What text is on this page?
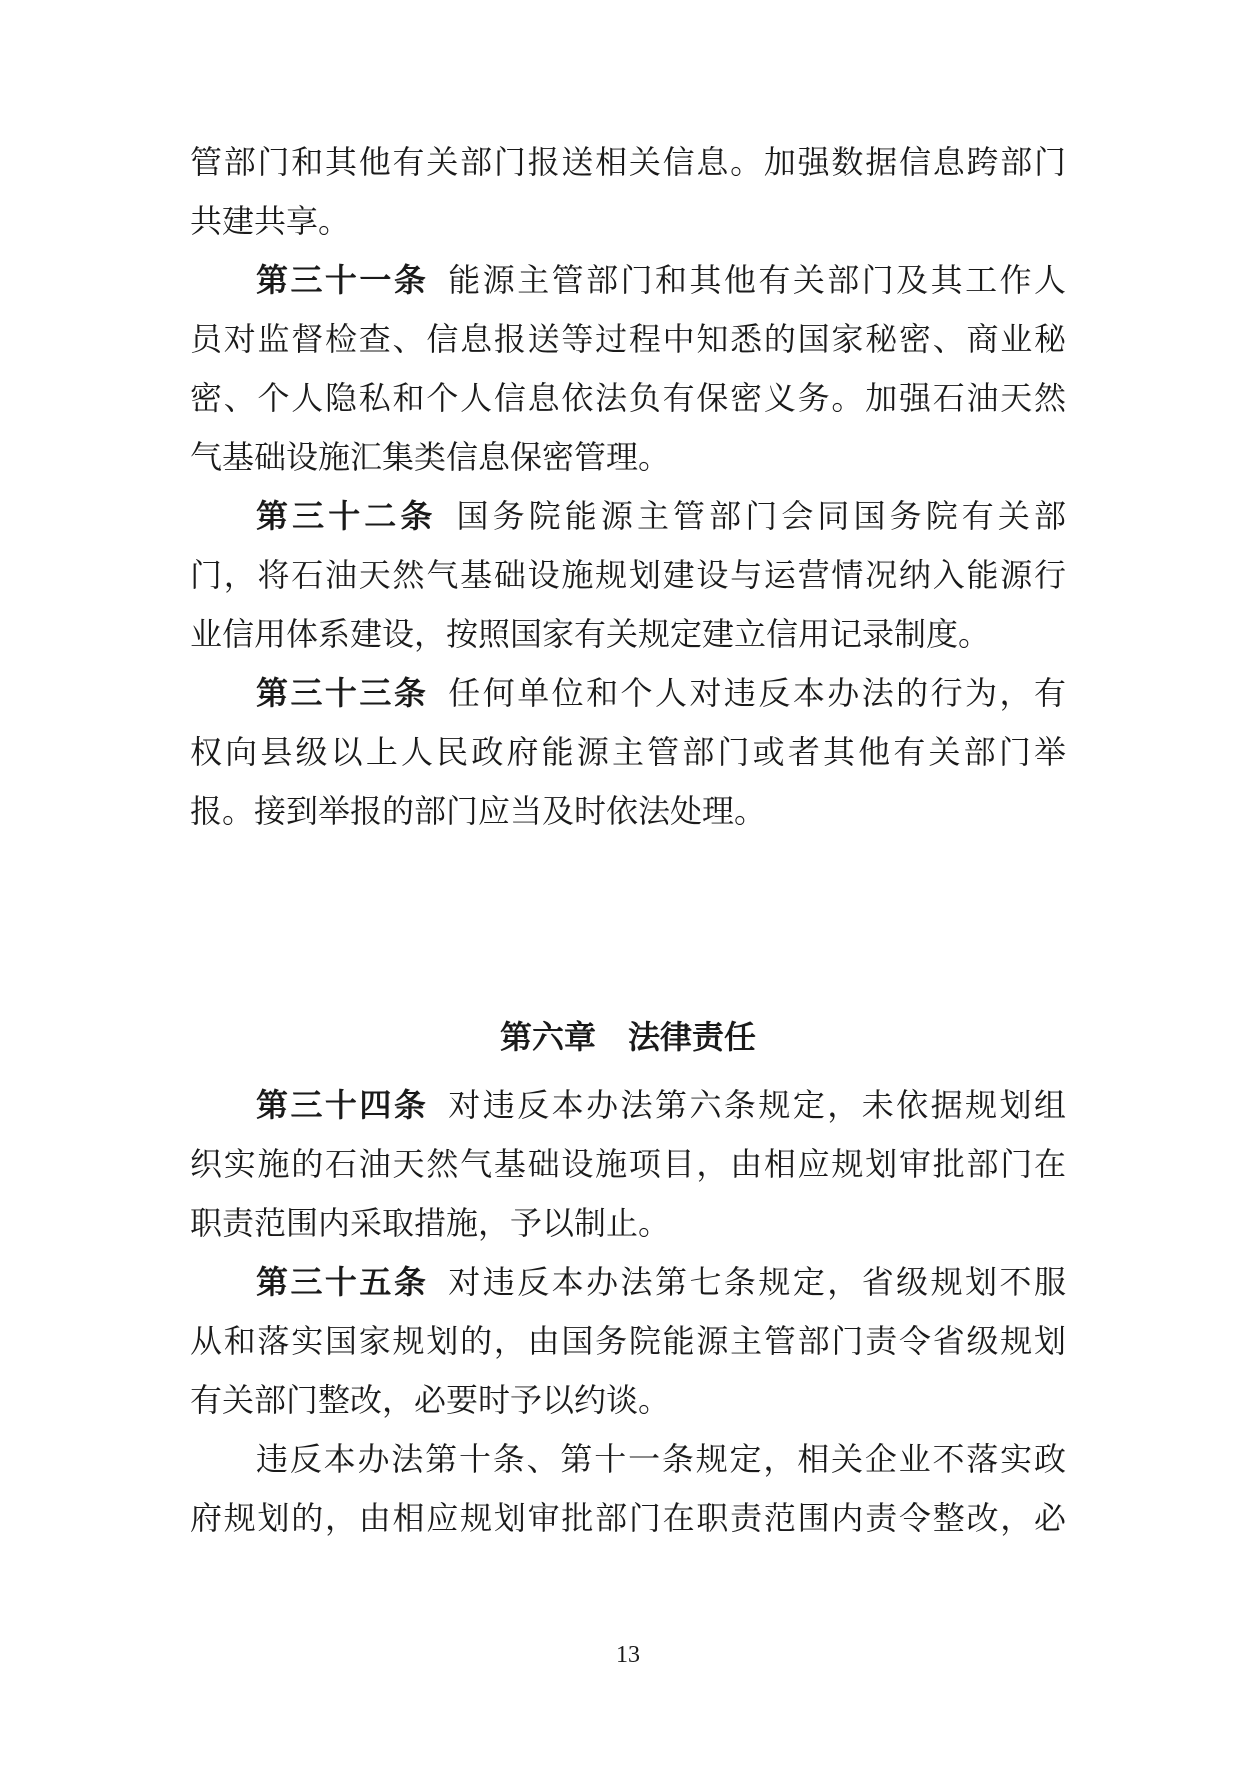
管部门和其他有关部门报送相关信息。加强数据信息跨部门
共建共享。
第三十一条 能源主管部门和其他有关部门及其工作人
员对监督检查、信息报送等过程中知悉的国家秘密、商业秘
密、个人隐私和个人信息依法负有保密义务。加强石油天然
气基础设施汇集类信息保密管理。
第三十二条 国务院能源主管部门会同国务院有关部
门，将石油天然气基础设施规划建设与运营情况纳入能源行
业信用体系建设，按照国家有关规定建立信用记录制度。
第三十三条 任何单位和个人对违反本办法的行为，有
权向县级以上人民政府能源主管部门或者其他有关部门举
报。接到举报的部门应当及时依法处理。
第六章　法律责任
第三十四条 对违反本办法第六条规定，未依据规划组
织实施的石油天然气基础设施项目，由相应规划审批部门在
职责范围内采取措施，予以制止。
第三十五条 对违反本办法第七条规定，省级规划不服
从和落实国家规划的，由国务院能源主管部门责令省级规划
有关部门整改，必要时予以约谈。
违反本办法第十条、第十一条规定，相关企业不落实政
府规划的，由相应规划审批部门在职责范围内责令整改，必
13
